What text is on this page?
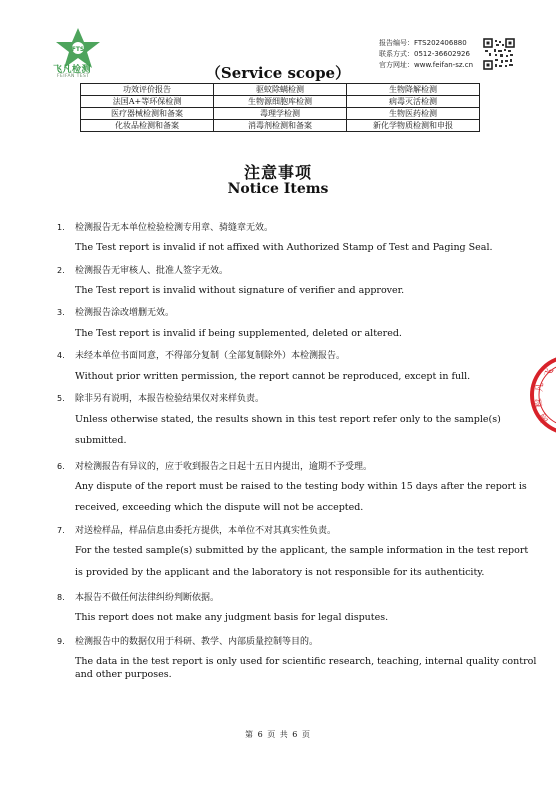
FTS
飞凡检测
FEIFAN TEST
报告编号：FTS202406880
联系方式：0512-36602926
官方网址：www.feifan-sz.cn
（Service scope）
功效评价报告	驱蚊除螨检测	生物降解检测
法国A+等环保检测	生物源细胞库检测	病毒灭活检测
医疗器械检测和备案	毒理学检测	生物医药检测
化妆品检测和备案	消毒剂检测和备案	新化学物质检测和申报
注意事项
Notice Items
1. 检测报告无本单位检验检测专用章、骑缝章无效。
The Test report is invalid if not affixed with Authorized Stamp of Test and Paging Seal.
2. 检测报告无审核人、批准人签字无效。
The Test report is invalid without signature of verifier and approver.
3. 检测报告涂改增删无效。
The Test report is invalid if being supplemented, deleted or altered.
4. 未经本单位书面同意，不得部分复制（全部复制除外）本检测报告。
Without prior written permission, the report cannot be reproduced, except in full.
5. 除非另有说明，本报告检验结果仅对来样负责。
Unless otherwise stated, the results shown in this test report refer only to the sample(s)
submitted.
6. 对检测报告有异议的，应于收到报告之日起十五日内提出，逾期不予受理。
Any dispute of the report must be raised to the testing body within 15 days after the report is
received, exceeding which the dispute will not be accepted.
7. 对送检样品，样品信息由委托方提供，本单位不对其真实性负责。
For the tested sample(s) submitted by the applicant, the sample information in the test report
is provided by the applicant and the laboratory is not responsible for its authenticity.
8. 本报告不做任何法律纠纷判断依据。
This report does not make any judgment basis for legal disputes.
9. 检测报告中的数据仅用于科研、教学、内部质量控制等目的。
The data in the test report is only used for scientific research, teaching, internal quality control
and other purposes.
第 6 页 共 6 页
飞
凡
检
测
